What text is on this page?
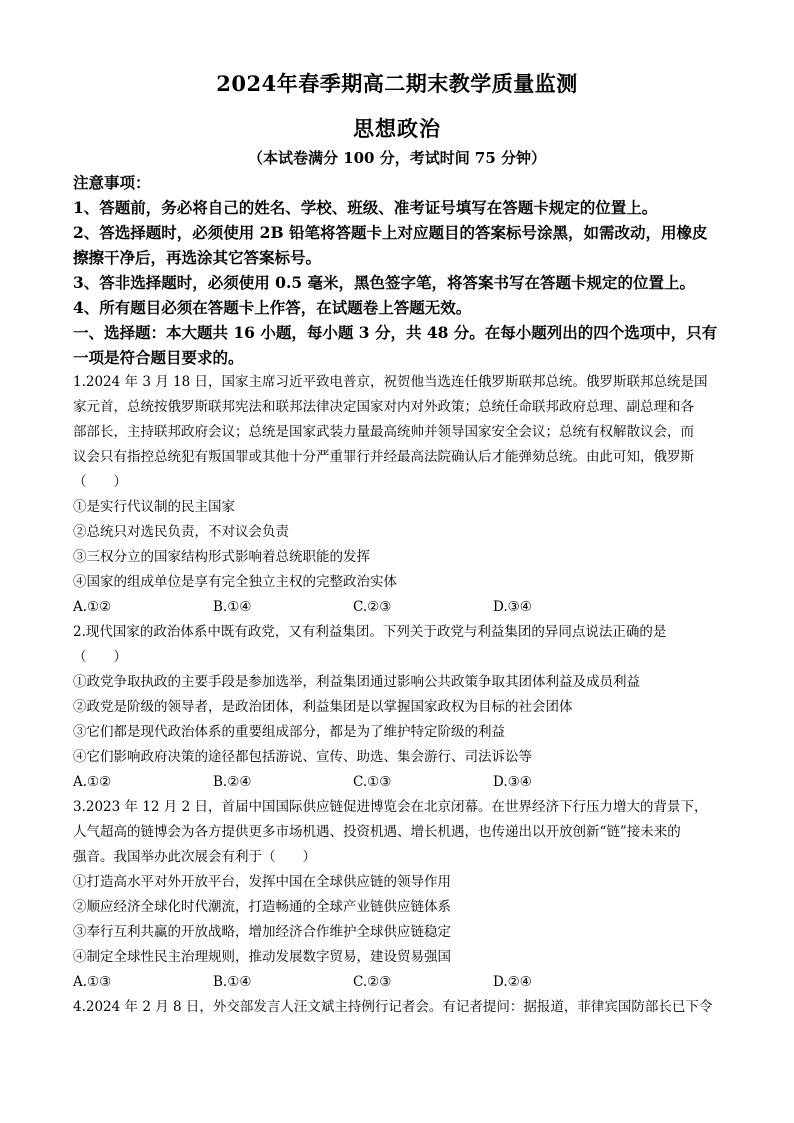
2024年春季期高二期末教学质量监测
思想政治
（本试卷满分 100 分，考试时间 75 分钟）
注意事项：
1、答题前，务必将自己的姓名、学校、班级、准考证号填写在答题卡规定的位置上。
2、答选择题时，必须使用 2B 铅笔将答题卡上对应题目的答案标号涂黑，如需改动，用橡皮
擦擦干净后，再选涂其它答案标号。
3、答非选择题时，必须使用 0.5 毫米，黑色签字笔，将答案书写在答题卡规定的位置上。
4、所有题目必须在答题卡上作答，在试题卷上答题无效。
一、选择题：本大题共 16 小题，每小题 3 分，共 48 分。在每小题列出的四个选项中，只有
一项是符合题目要求的。
1.2024 年 3 月 18 日，国家主席习近平致电普京，祝贺他当选连任俄罗斯联邦总统。俄罗斯联邦总统是国
家元首，总统按俄罗斯联邦宪法和联邦法律决定国家对内对外政策；总统任命联邦政府总理、副总理和各
部部长，主持联邦政府会议；总统是国家武装力量最高统帅并领导国家安全会议；总统有权解散议会，而
议会只有指控总统犯有叛国罪或其他十分严重罪行并经最高法院确认后才能弹劾总统。由此可知，俄罗斯
（　　）
①是实行代议制的民主国家
②总统只对选民负责，不对议会负责
③三权分立的国家结构形式影响着总统职能的发挥
④国家的组成单位是享有完全独立主权的完整政治实体
A.①②	B.①④	C.②③	D.③④
2.现代国家的政治体系中既有政党，又有利益集团。下列关于政党与利益集团的异同点说法正确的是
（　　）
①政党争取执政的主要手段是参加选举，利益集团通过影响公共政策争取其团体利益及成员利益
②政党是阶级的领导者，是政治团体，利益集团是以掌握国家政权为目标的社会团体
③它们都是现代政治体系的重要组成部分，都是为了维护特定阶级的利益
④它们影响政府决策的途径都包括游说、宣传、助选、集会游行、司法诉讼等
A.①②	B.②④	C.①③	D.③④
3.2023 年 12 月 2 日，首届中国国际供应链促进博览会在北京闭幕。在世界经济下行压力增大的背景下，
人气超高的链博会为各方提供更多市场机遇、投资机遇、增长机遇，也传递出以开放创新“链”接未来的
强音。我国举办此次展会有利于（　　）
①打造高水平对外开放平台，发挥中国在全球供应链的领导作用
②顺应经济全球化时代潮流，打造畅通的全球产业链供应链体系
③奉行互利共赢的开放战略，增加经济合作维护全球供应链稳定
④制定全球性民主治理规则，推动发展数字贸易，建设贸易强国
A.①③	B.①④	C.②③	D.②④
4.2024 年 2 月 8 日，外交部发言人汪文斌主持例行记者会。有记者提问：据报道，菲律宾国防部长已下令
